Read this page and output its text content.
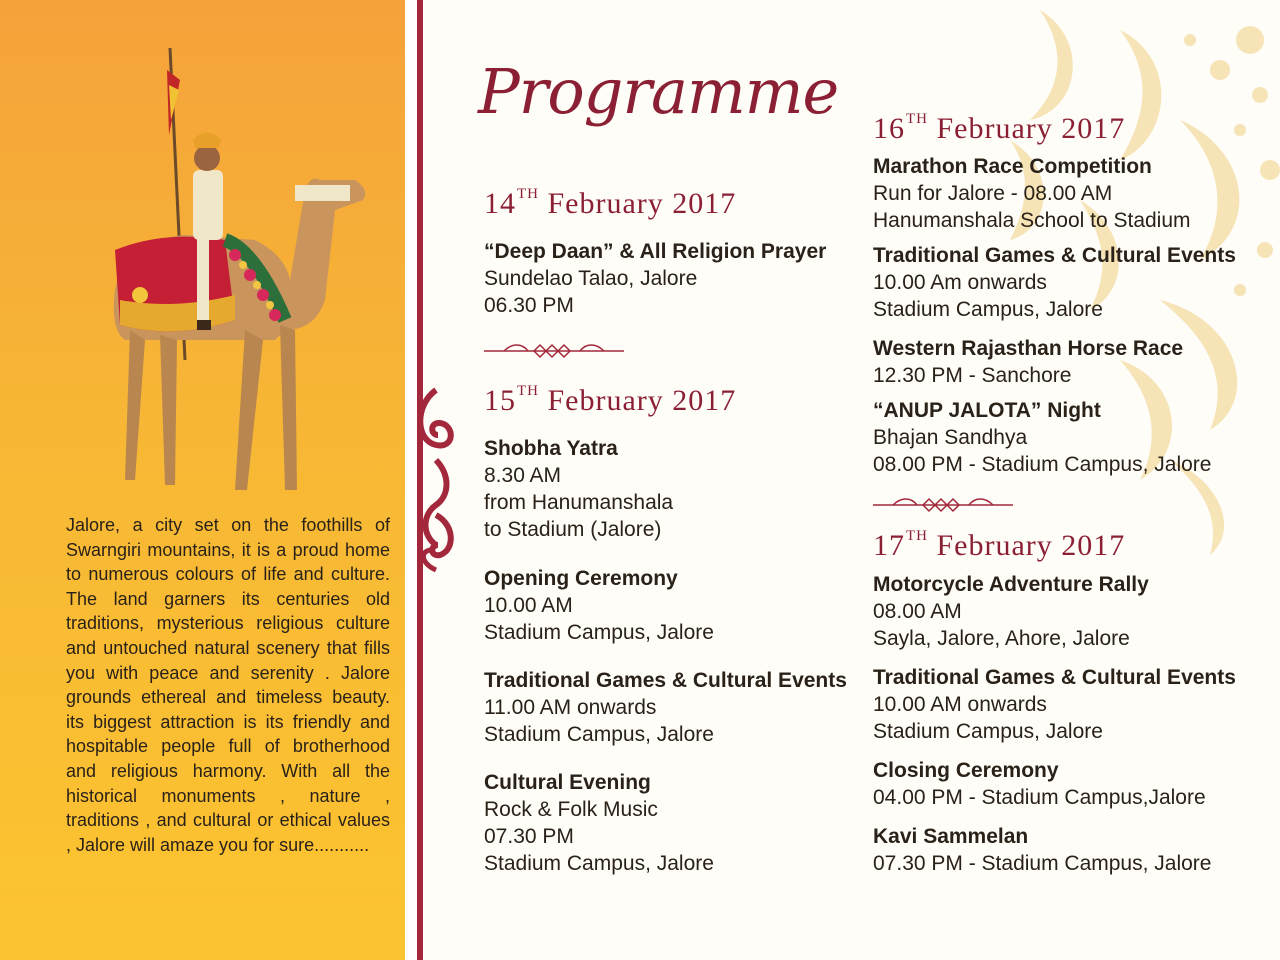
Jalore, a city set on the foothills of Swarngiri mountains, it is a proud home to numerous colours of life and culture. The land garners its centuries old traditions, mysterious religious culture and untouched natural scenery that fills you with peace and serenity . Jalore grounds ethereal and timeless beauty. its biggest attraction is its friendly and hospitable people full of brotherhood and religious harmony. With all the historical monuments , nature , traditions , and cultural or ethical values , Jalore will amaze you for sure...........
Programme
14TH February 2017
“Deep Daan” & All Religion Prayer
Sundelao Talao, Jalore
06.30 PM
15TH February 2017
Shobha Yatra
8.30 AM
from Hanumanshala
to Stadium (Jalore)
Opening Ceremony
10.00 AM
Stadium Campus, Jalore
Traditional Games & Cultural Events
11.00 AM onwards
Stadium Campus, Jalore
Cultural Evening
Rock & Folk Music
07.30 PM
Stadium Campus, Jalore
16TH February 2017
Marathon Race Competition
Run for Jalore - 08.00 AM
Hanumanshala School to Stadium
Traditional Games & Cultural Events
10.00 Am onwards
Stadium Campus, Jalore
Western Rajasthan Horse Race
12.30 PM - Sanchore
“ANUP JALOTA” Night
Bhajan Sandhya
08.00 PM - Stadium Campus, Jalore
17TH February 2017
Motorcycle Adventure Rally
08.00 AM
Sayla, Jalore, Ahore, Jalore
Traditional Games & Cultural Events
10.00 AM onwards
Stadium Campus, Jalore
Closing Ceremony
04.00 PM - Stadium Campus,Jalore
Kavi Sammelan
07.30 PM - Stadium Campus, Jalore
